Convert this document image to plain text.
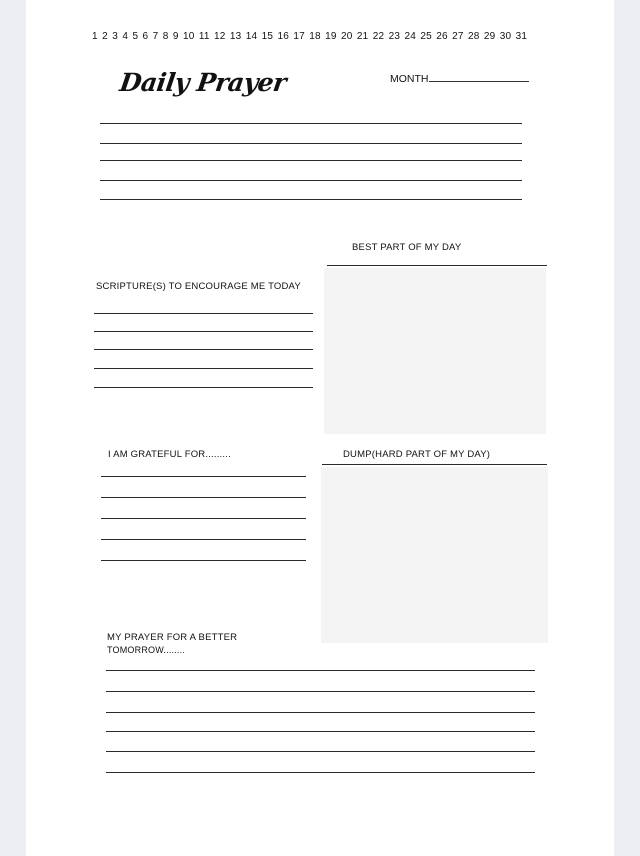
1 2 3 4 5 6 7 8 9 10 11 12 13 14 15 16 17 18 19 20 21 22 23 24 25 26 27 28 29 30 31
Daily Prayer	MONTH
BEST PART OF MY DAY
SCRIPTURE(S) TO ENCOURAGE ME TODAY
I AM GRATEFUL FOR.........	DUMP(HARD PART OF MY DAY)
MY PRAYER FOR A BETTER
TOMORROW........
